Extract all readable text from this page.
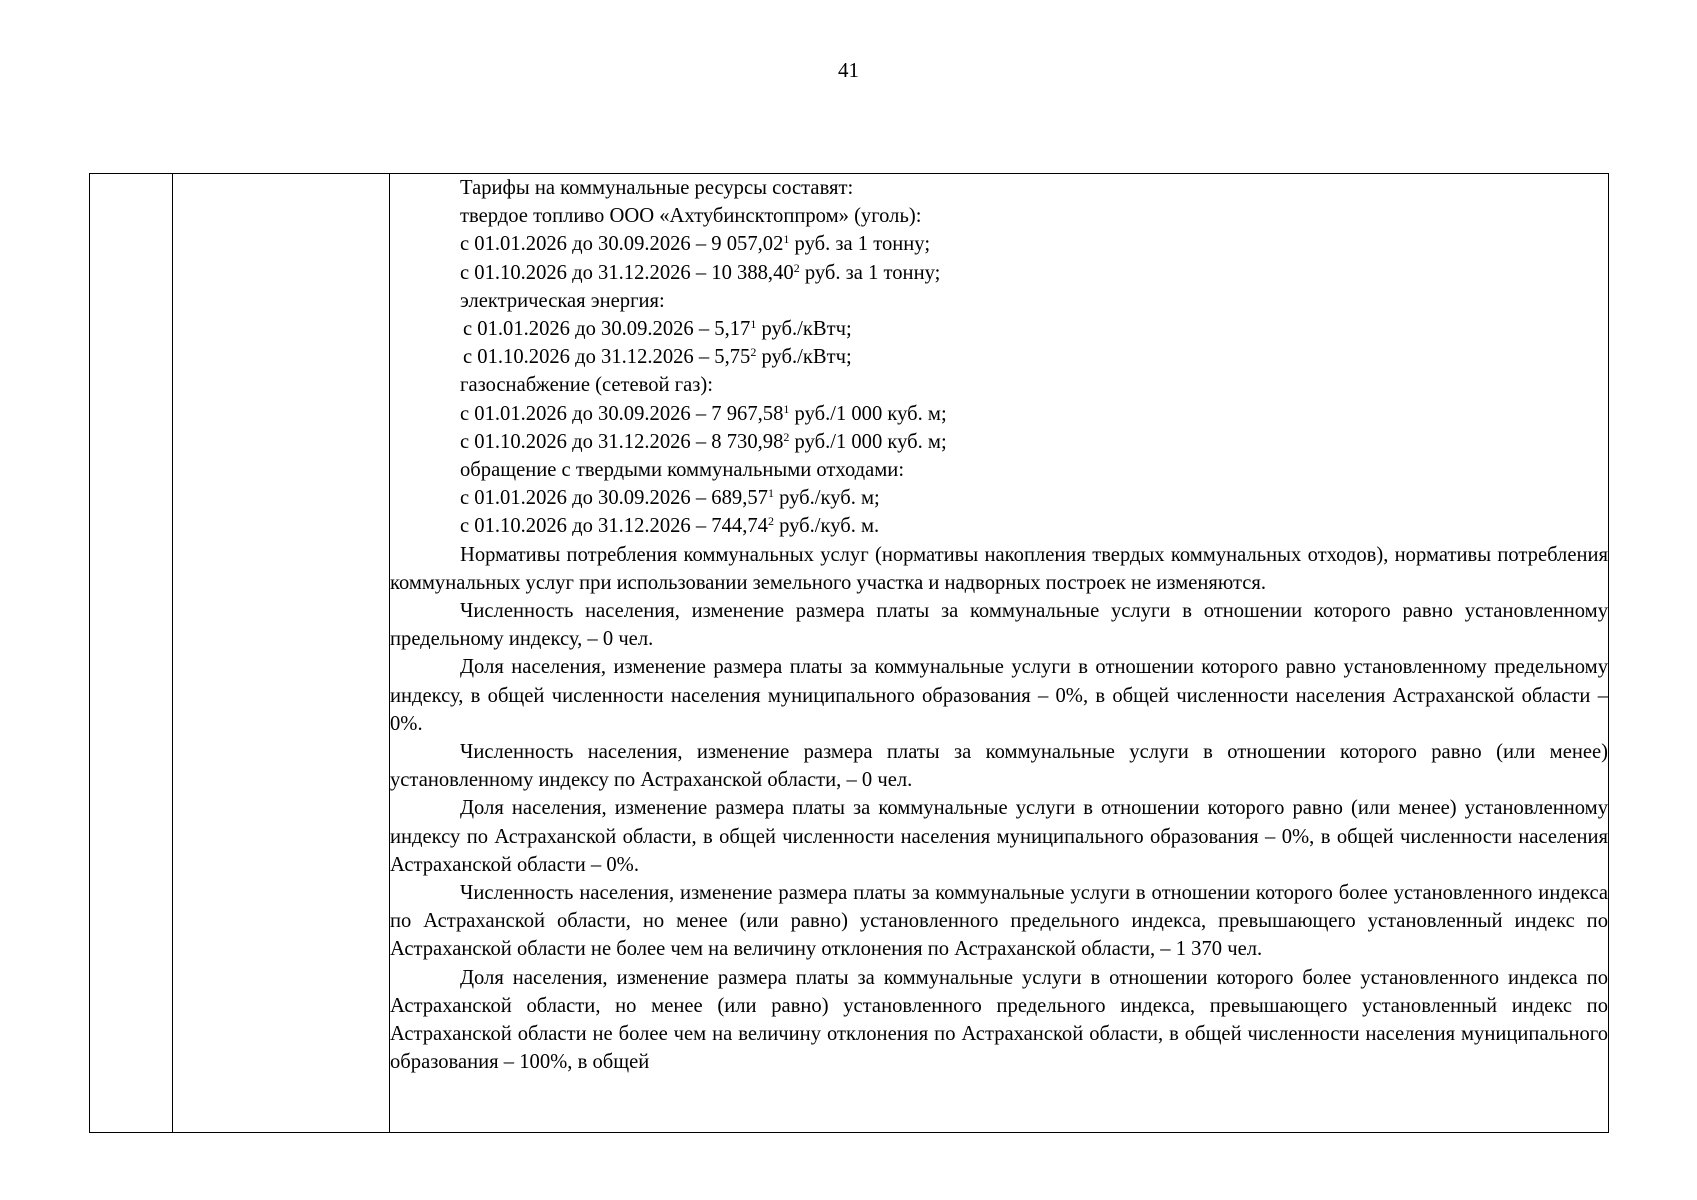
41

Тарифы на коммунальные ресурсы составят:
твердое топливо ООО «Ахтубинсктоппром» (уголь):
с 01.01.2026 до 30.09.2026 – 9 057,02$^1$ руб. за 1 тонну;
с 01.10.2026 до 31.12.2026 – 10 388,40$^2$ руб. за 1 тонну;
электрическая энергия:
с 01.01.2026 до 30.09.2026 – 5,17$^1$ руб./кВтч;
с 01.10.2026 до 31.12.2026 – 5,75$^2$ руб./кВтч;
газоснабжение (сетевой газ):
с 01.01.2026 до 30.09.2026 – 7 967,58$^1$ руб./1 000 куб. м;
с 01.10.2026 до 31.12.2026 – 8 730,98$^2$ руб./1 000 куб. м;
обращение с твердыми коммунальными отходами:
с 01.01.2026 до 30.09.2026 – 689,57$^1$ руб./куб. м;
с 01.10.2026 до 31.12.2026 – 744,74$^2$ руб./куб. м.

Нормативы потребления коммунальных услуг (нормативы накопления твердых коммунальных отходов), нормативы потребления коммунальных услуг при использовании земельного участка и надворных построек не изменяются.

Численность населения, изменение размера платы за коммунальные услуги в отношении которого равно установленному предельному индексу, – 0 чел.

Доля населения, изменение размера платы за коммунальные услуги в отношении которого равно установленному предельному индексу, в общей численности населения муниципального образования – 0%, в общей численности населения Астраханской области – 0%.

Численность населения, изменение размера платы за коммунальные услуги в отношении которого равно (или менее) установленному индексу по Астраханской области, – 0 чел.

Доля населения, изменение размера платы за коммунальные услуги в отношении которого равно (или менее) установленному индексу по Астраханской области, в общей численности населения муниципального образования – 0%, в общей численности населения Астраханской области – 0%.

Численность населения, изменение размера платы за коммунальные услуги в отношении которого более установленного индекса по Астраханской области, но менее (или равно) установленного предельного индекса, превышающего установленный индекс по Астраханской области не более чем на величину отклонения по Астраханской области, – 1 370 чел.

Доля населения, изменение размера платы за коммунальные услуги в отношении которого более установленного индекса по Астраханской области, но менее (или равно) установленного предельного индекса, превышающего установленный индекс по Астраханской области не более чем на величину отклонения по Астраханской области, в общей численности населения муниципального образования – 100%, в общей
